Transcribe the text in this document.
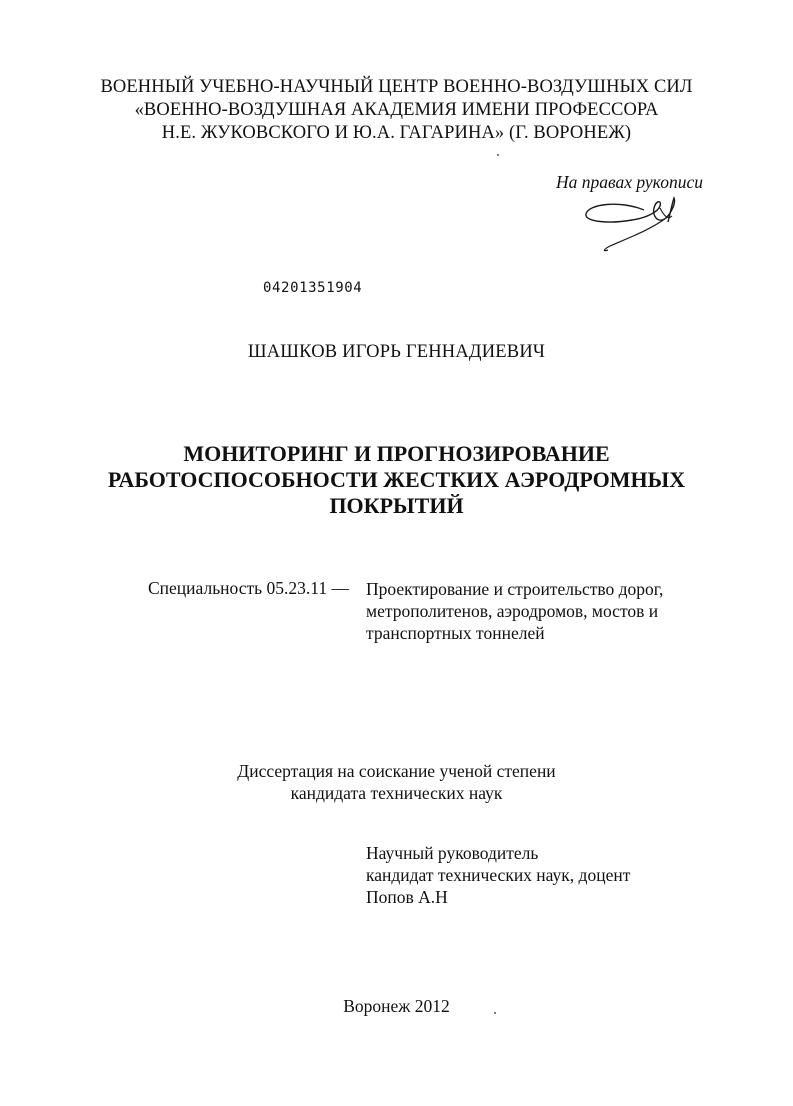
ВОЕННЫЙ УЧЕБНО-НАУЧНЫЙ ЦЕНТР ВОЕННО-ВОЗДУШНЫХ СИЛ
«ВОЕННО-ВОЗДУШНАЯ АКАДЕМИЯ ИМЕНИ ПРОФЕССОРА
Н.Е. ЖУКОВСКОГО И Ю.А. ГАГАРИНА» (Г. ВОРОНЕЖ)
На правах рукописи
04201351904
ШАШКОВ ИГОРЬ ГЕННАДИЕВИЧ
МОНИТОРИНГ И ПРОГНОЗИРОВАНИЕ
РАБОТОСПОСОБНОСТИ ЖЕСТКИХ АЭРОДРОМНЫХ
ПОКРЫТИЙ
Специальность 05.23.11 — Проектирование и строительство дорог,
метрополитенов, аэродромов, мостов и
транспортных тоннелей
Диссертация на соискание ученой степени
кандидата технических наук
Научный руководитель
кандидат технических наук, доцент
Попов А.Н
Воронеж 2012
